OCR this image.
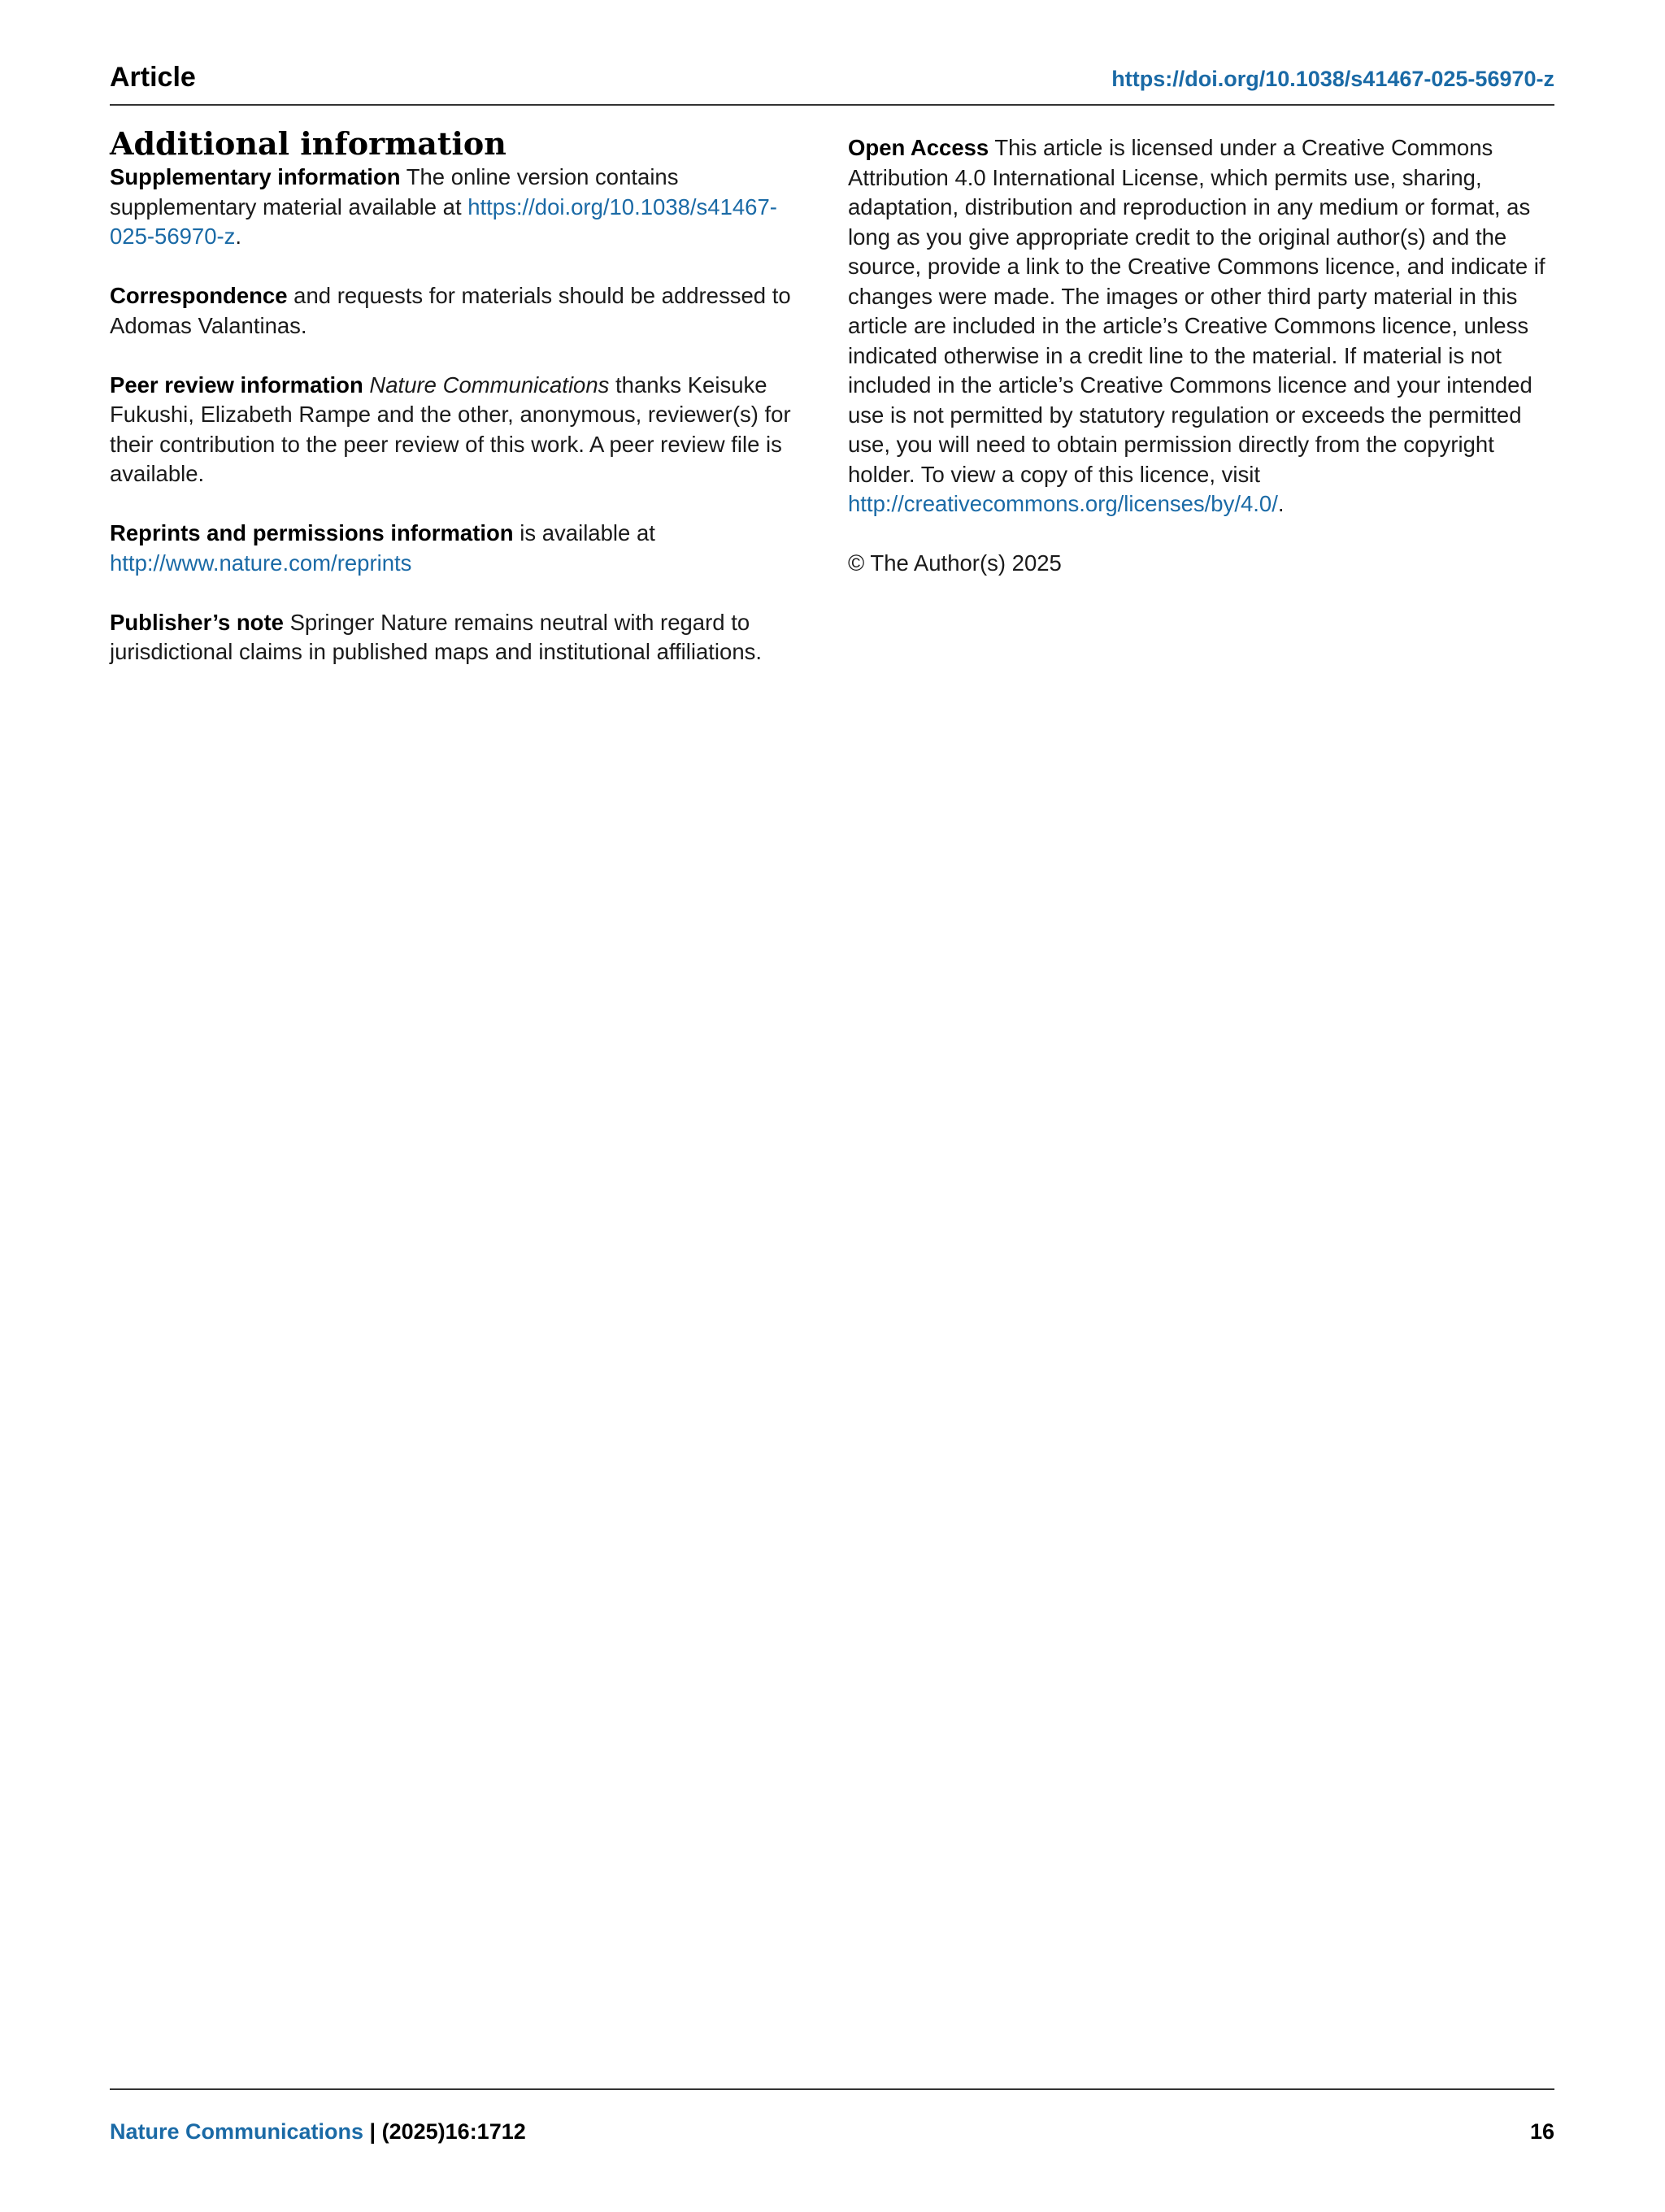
Article	https://doi.org/10.1038/s41467-025-56970-z
Additional information

Supplementary information The online version contains supplementary material available at https://doi.org/10.1038/s41467-025-56970-z.

Correspondence and requests for materials should be addressed to Adomas Valantinas.

Peer review information Nature Communications thanks Keisuke Fukushi, Elizabeth Rampe and the other, anonymous, reviewer(s) for their contribution to the peer review of this work. A peer review file is available.

Reprints and permissions information is available at http://www.nature.com/reprints

Publisher’s note Springer Nature remains neutral with regard to jurisdictional claims in published maps and institutional affiliations.

Open Access This article is licensed under a Creative Commons Attribution 4.0 International License, which permits use, sharing, adaptation, distribution and reproduction in any medium or format, as long as you give appropriate credit to the original author(s) and the source, provide a link to the Creative Commons licence, and indicate if changes were made. The images or other third party material in this article are included in the article’s Creative Commons licence, unless indicated otherwise in a credit line to the material. If material is not included in the article’s Creative Commons licence and your intended use is not permitted by statutory regulation or exceeds the permitted use, you will need to obtain permission directly from the copyright holder. To view a copy of this licence, visit http://creativecommons.org/licenses/by/4.0/.

© The Author(s) 2025

Nature Communications | (2025)16:1712	16
